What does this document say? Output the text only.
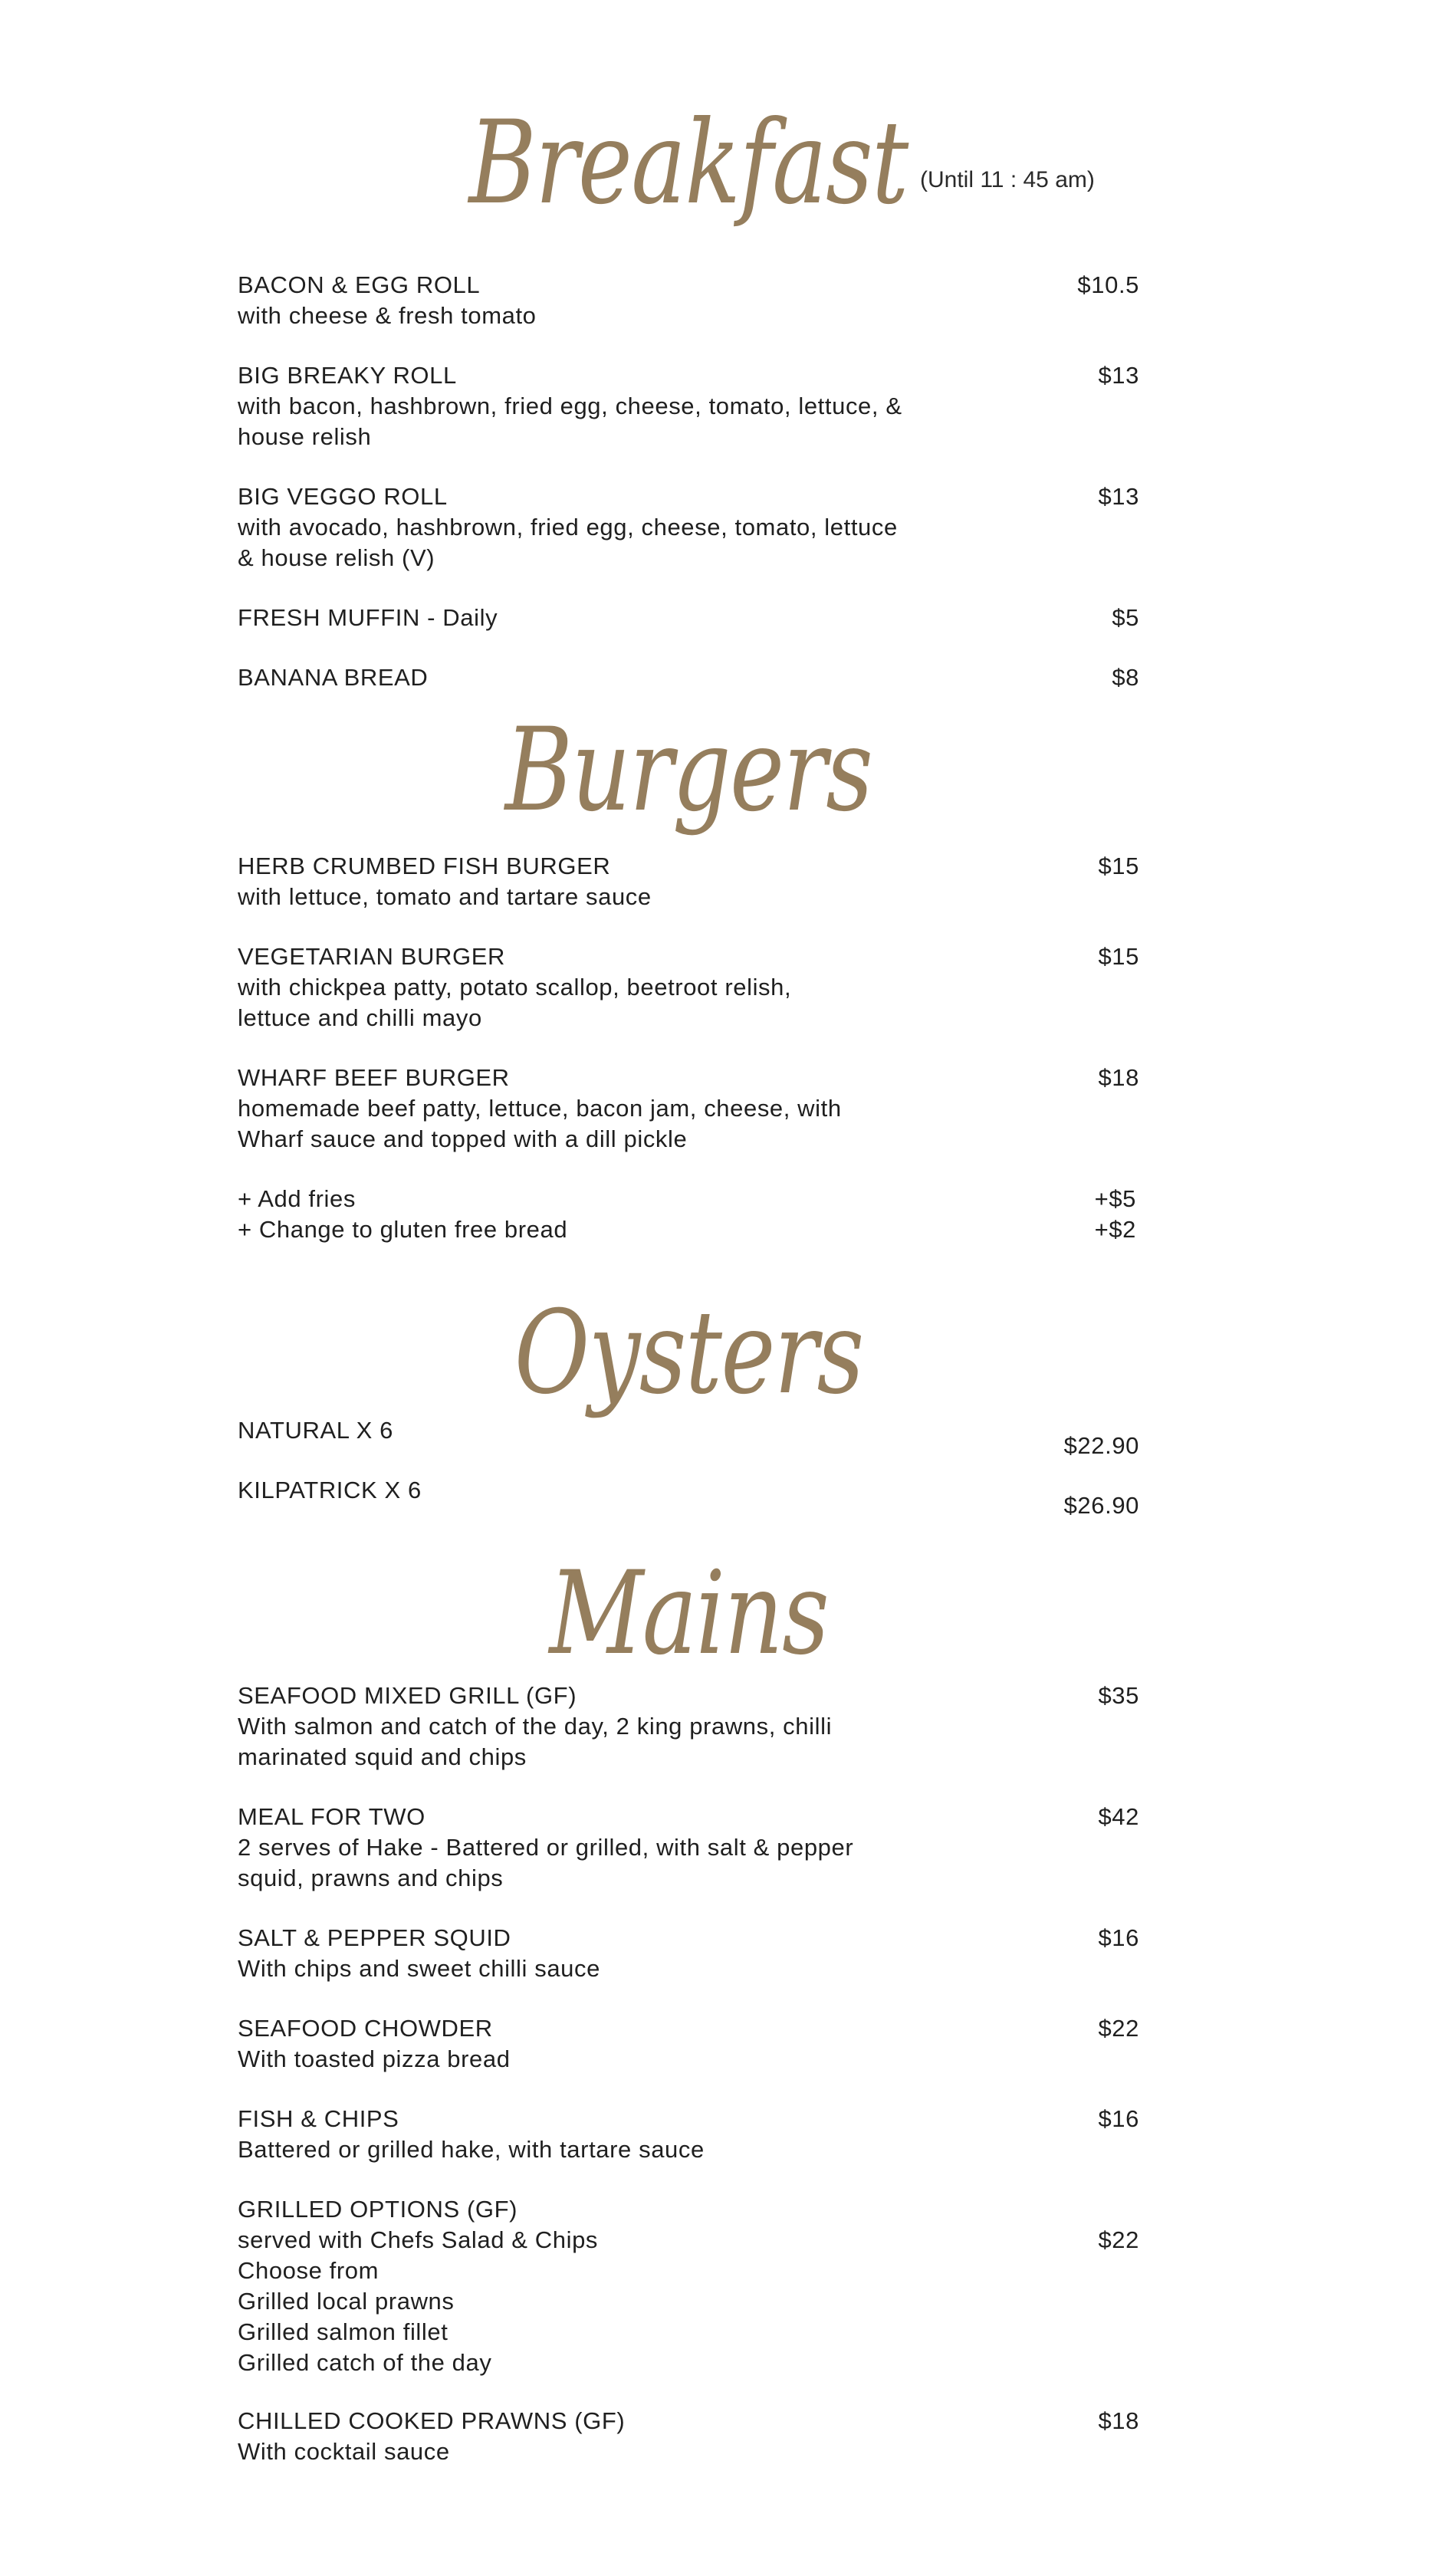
Breakfast (Until 11 : 45 am)
BACON & EGG ROLL
with cheese & fresh tomato
$10.5
BIG BREAKY ROLL
with bacon, hashbrown, fried egg, cheese, tomato, lettuce, &
house relish
$13
BIG VEGGO ROLL
with avocado, hashbrown, fried egg, cheese, tomato, lettuce
& house relish (V)
$13
FRESH MUFFIN - Daily	$5
BANANA BREAD	$8
Burgers
HERB CRUMBED FISH BURGER
with lettuce, tomato and tartare sauce
$15
VEGETARIAN BURGER
with chickpea patty, potato scallop, beetroot relish,
lettuce and chilli mayo
$15
WHARF BEEF BURGER
homemade beef patty, lettuce, bacon jam, cheese, with
Wharf sauce and topped with a dill pickle
$18
+ Add fries	+$5
+ Change to gluten free bread	+$2
Oysters
NATURAL X 6
$22.90
KILPATRICK X 6
$26.90
Mains
SEAFOOD MIXED GRILL (GF)
With salmon and catch of the day, 2 king prawns, chilli
marinated squid and chips
$35
MEAL FOR TWO
2 serves of Hake - Battered or grilled, with salt & pepper
squid, prawns and chips
$42
SALT & PEPPER SQUID
With chips and sweet chilli sauce
$16
SEAFOOD CHOWDER
With toasted pizza bread
$22
FISH & CHIPS
Battered or grilled hake, with tartare sauce
$16
GRILLED OPTIONS (GF)
served with Chefs Salad & Chips
Choose from
Grilled local prawns
Grilled salmon fillet
Grilled catch of the day
$22
CHILLED COOKED PRAWNS (GF)
With cocktail sauce
$18
